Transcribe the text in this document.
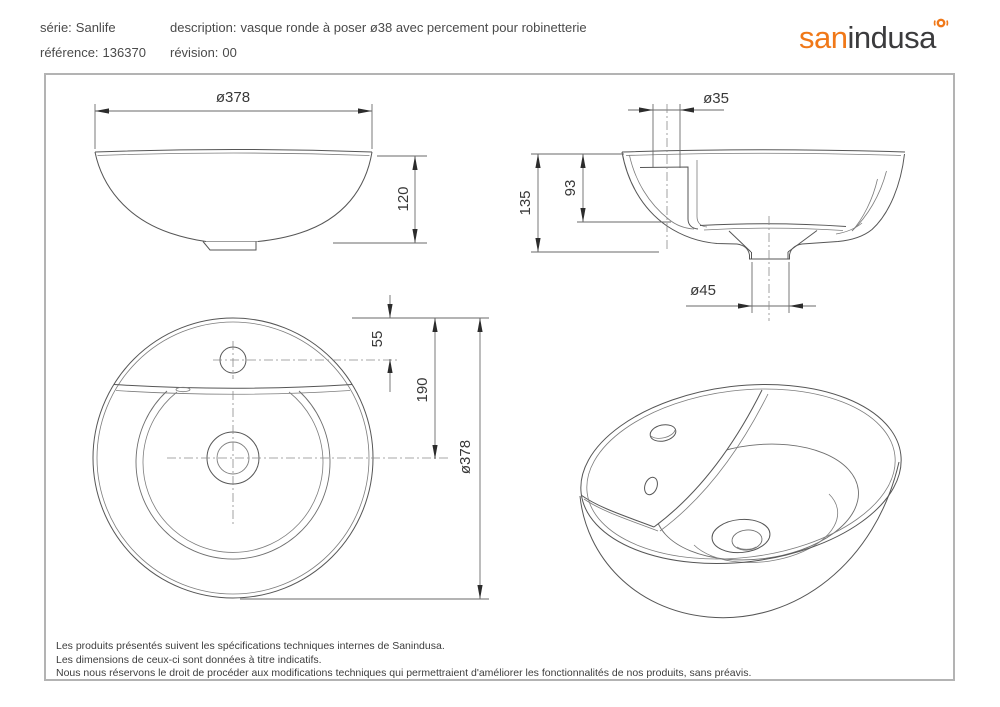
série: Sanlife	description: vasque ronde à poser ø38 avec percement pour robinetterie
référence: 136370 révision: 00	sanindusa
ø378
120
ø35
135
93
ø45
55
190
ø378
Les produits présentés suivent les spécifications techniques internes de Sanindusa.
Les dimensions de ceux-ci sont données à titre indicatifs.
Nous nous réservons le droit de procéder aux modifications techniques qui permettraient d'améliorer les fonctionnalités de nos produits, sans préavis.
